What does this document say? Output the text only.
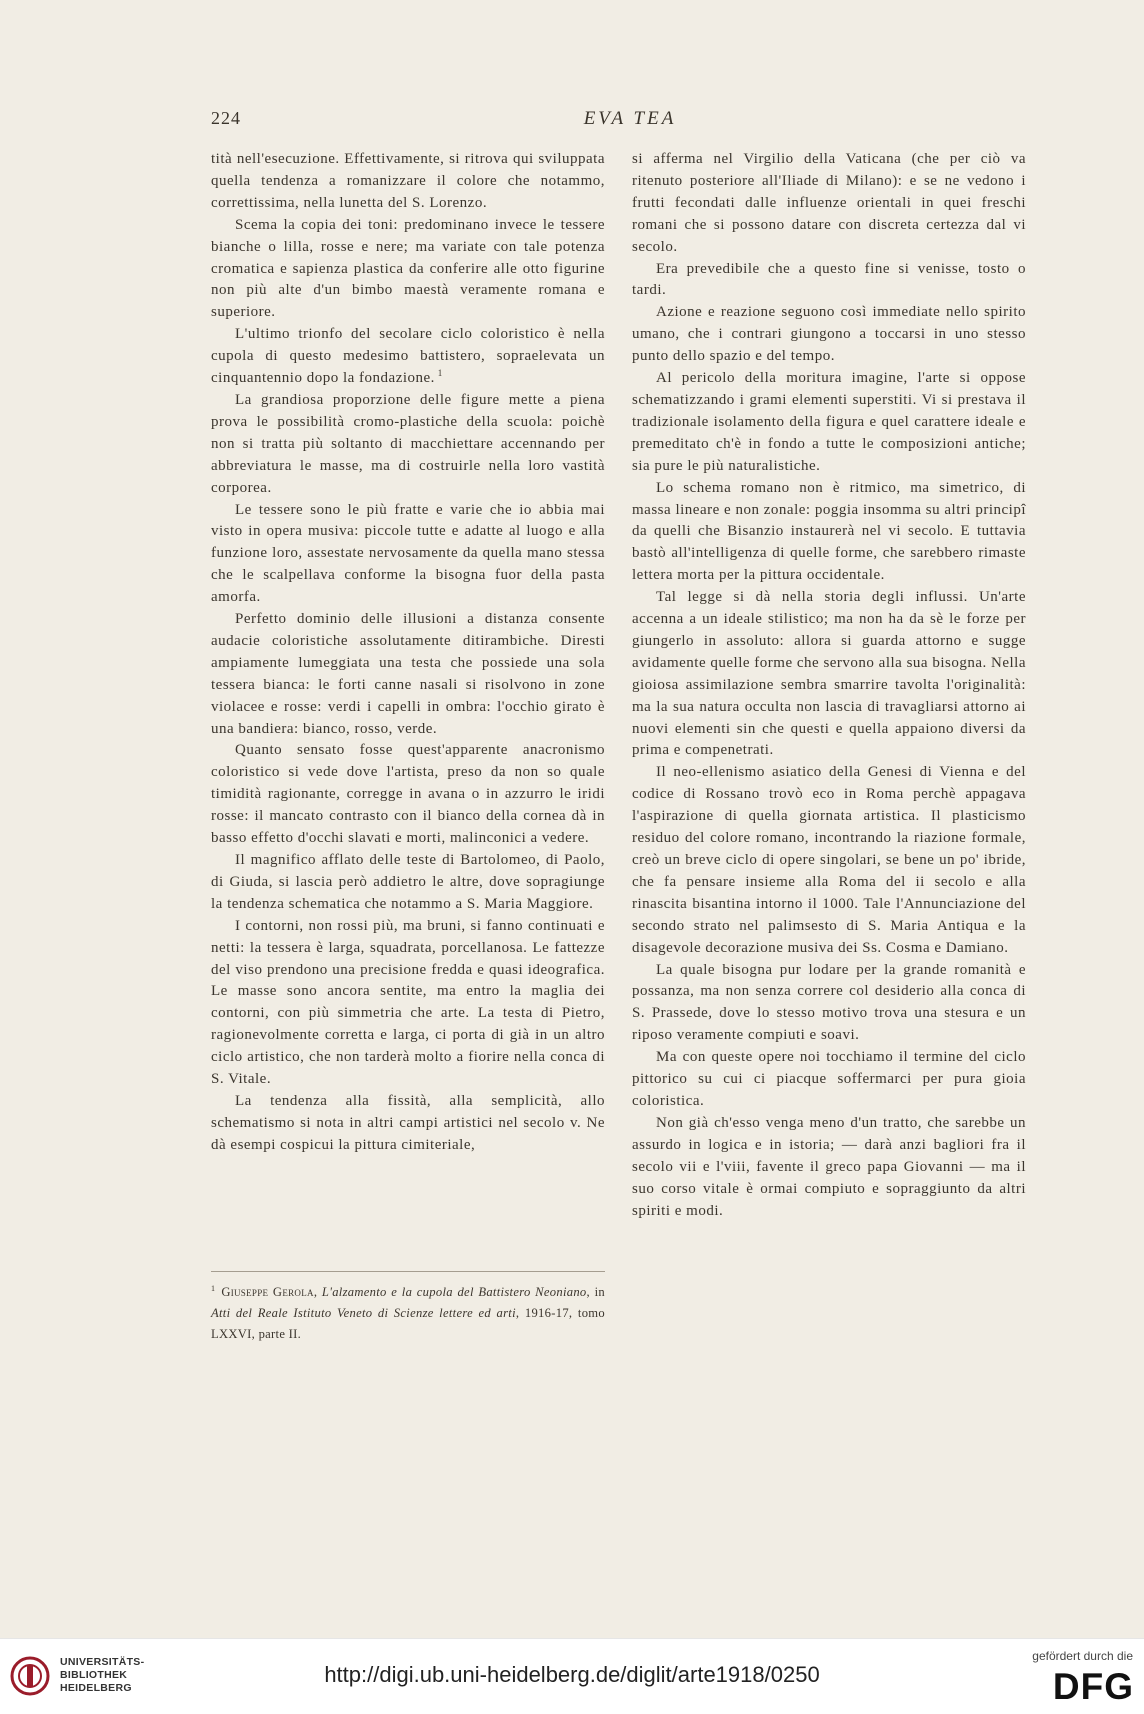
224	EVA TEA

tità nell'esecuzione. Effettivamente, si ritrova qui sviluppata quella tendenza a romanizzare il colore che notammo, correttissima, nella lunetta del S. Lorenzo.

Scema la copia dei toni: predominano invece le tessere bianche o lilla, rosse e nere; ma variate con tale potenza cromatica e sapienza plastica da conferire alle otto figurine non più alte d'un bimbo maestà veramente romana e superiore.

L'ultimo trionfo del secolare ciclo coloristico è nella cupola di questo medesimo battistero, sopraelevata un cinquantennio dopo la fondazione. $^1$

La grandiosa proporzione delle figure mette a piena prova le possibilità cromo-plastiche della scuola: poichè non si tratta più soltanto di macchiettare accennando per abbreviatura le masse, ma di costruirle nella loro vastità corporea.

Le tessere sono le più fratte e varie che io abbia mai visto in opera musiva: piccole tutte e adatte al luogo e alla funzione loro, assestate nervosamente da quella mano stessa che le scalpellava conforme la bisogna fuor della pasta amorfa.

Perfetto dominio delle illusioni a distanza consente audacie coloristiche assolutamente ditirambiche. Diresti ampiamente lumeggiata una testa che possiede una sola tessera bianca: le forti canne nasali si risolvono in zone violacee e rosse: verdi i capelli in ombra: l'occhio girato è una bandiera: bianco, rosso, verde.

Quanto sensato fosse quest'apparente anacronismo coloristico si vede dove l'artista, preso da non so quale timidità ragionante, corregge in avana o in azzurro le iridi rosse: il mancato contrasto con il bianco della cornea dà in basso effetto d'occhi slavati e morti, malinconici a vedere.

Il magnifico afflato delle teste di Bartolomeo, di Paolo, di Giuda, si lascia però addietro le altre, dove sopragiunge la tendenza schematica che notammo a S. Maria Maggiore.

I contorni, non rossi più, ma bruni, si fanno continuati e netti: la tessera è larga, squadrata, porcellanosa. Le fattezze del viso prendono una precisione fredda e quasi ideografica. Le masse sono ancora sentite, ma entro la maglia dei contorni, con più simmetria che arte. La testa di Pietro, ragionevolmente corretta e larga, ci porta di già in un altro ciclo artistico, che non tarderà molto a fiorire nella conca di S. Vitale.

La tendenza alla fissità, alla semplicità, allo schematismo si nota in altri campi artistici nel secolo v. Ne dà esempi cospicui la pittura cimiteriale,

si afferma nel Virgilio della Vaticana (che per ciò va ritenuto posteriore all'Iliade di Milano): e se ne vedono i frutti fecondati dalle influenze orientali in quei freschi romani che si possono datare con discreta certezza dal vi secolo.

Era prevedibile che a questo fine si venisse, tosto o tardi.

Azione e reazione seguono così immediate nello spirito umano, che i contrari giungono a toccarsi in uno stesso punto dello spazio e del tempo.

Al pericolo della moritura imagine, l'arte si oppose schematizzando i grami elementi superstiti. Vi si prestava il tradizionale isolamento della figura e quel carattere ideale e premeditato ch'è in fondo a tutte le composizioni antiche; sia pure le più naturalistiche.

Lo schema romano non è ritmico, ma simetrico, di massa lineare e non zonale: poggia insomma su altri principî da quelli che Bisanzio instaurerà nel vi secolo. E tuttavia bastò all'intelligenza di quelle forme, che sarebbero rimaste lettera morta per la pittura occidentale.

Tal legge si dà nella storia degli influssi. Un'arte accenna a un ideale stilistico; ma non ha da sè le forze per giungerlo in assoluto: allora si guarda attorno e sugge avidamente quelle forme che servono alla sua bisogna. Nella gioiosa assimilazione sembra smarrire tavolta l'originalità: ma la sua natura occulta non lascia di travagliarsi attorno ai nuovi elementi sin che questi e quella appaiono diversi da prima e compenetrati.

Il neo-ellenismo asiatico della Genesi di Vienna e del codice di Rossano trovò eco in Roma perchè appagava l'aspirazione di quella giornata artistica. Il plasticismo residuo del colore romano, incontrando la riazione formale, creò un breve ciclo di opere singolari, se bene un po' ibride, che fa pensare insieme alla Roma del ii secolo e alla rinascita bisantina intorno il 1000. Tale l'Annunciazione del secondo strato nel palimsesto di S. Maria Antiqua e la disagevole decorazione musiva dei Ss. Cosma e Damiano.

La quale bisogna pur lodare per la grande romanità e possanza, ma non senza correre col desiderio alla conca di S. Prassede, dove lo stesso motivo trova una stesura e un riposo veramente compiuti e soavi.

Ma con queste opere noi tocchiamo il termine del ciclo pittorico su cui ci piacque soffermarci per pura gioia coloristica.

Non già ch'esso venga meno d'un tratto, che sarebbe un assurdo in logica e in istoria; — darà anzi bagliori fra il secolo vii e l'viii, favente il greco papa Giovanni — ma il suo corso vitale è ormai compiuto e sopraggiunto da altri spiriti e modi.

$^1$ Giuseppe Gerola, L'alzamento e la cupola del Battistero Neoniano, in Atti del Reale Istituto Veneto di Scienze lettere ed arti, 1916-17, tomo LXXVI, parte II.
UNIVERSITÄTS-
BIBLIOTHEK
HEIDELBERG
http://digi.ub.uni-heidelberg.de/diglit/arte1918/0250
gefördert durch die
DFG
